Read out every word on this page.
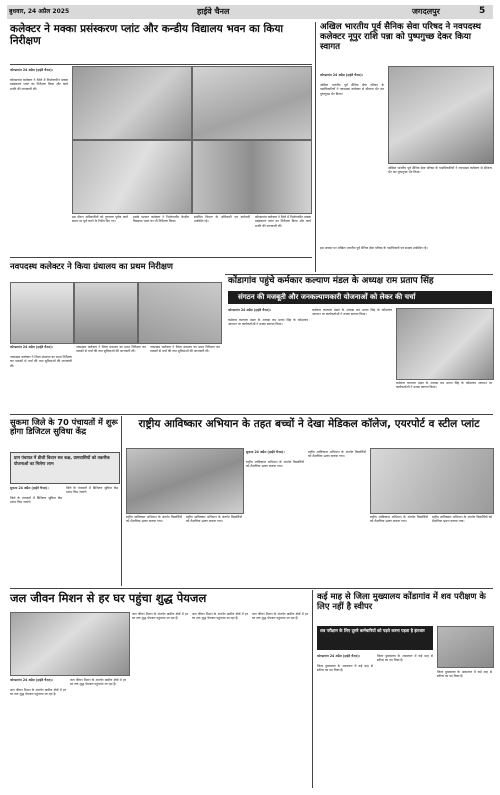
बुधवार, 24 अप्रैल 2025	हाईवे चैनल	जगदलपुर	5
कलेक्टर ने मक्का प्रसंस्करण प्लांट और कन्डीय विद्यालय भवन का किया निरीक्षण
कोण्डागांव 24 अप्रैल (हाईवे चैनल)।
कोण्डागांव कलेक्टर ने जिले में निर्माणाधीन मक्का प्रसंस्करण प्लांट का निरीक्षण किया और कार्य प्रगति की जानकारी ली।
इस दौरान अधिकारियों को गुणवत्ता पूर्वक कार्य समय पर पूर्ण करने के निर्देश दिए गए।
इसके पश्चात कलेक्टर ने निर्माणाधीन केन्द्रीय विद्यालय भवन का भी निरीक्षण किया।
संबंधित विभाग के अधिकारी एवं कर्मचारी उपस्थित रहे।
कोण्डागांव कलेक्टर ने जिले में निर्माणाधीन मक्का प्रसंस्करण प्लांट का निरीक्षण किया और कार्य प्रगति की जानकारी ली।
अखिल भारतीय पूर्व सैनिक सेवा परिषद ने नवपदस्थ कलेक्टर नूपुर राशि पन्ना को पुष्पगुच्छ देकर किया स्वागत
कोण्डागांव 24 अप्रैल (हाईवे चैनल)।
अखिल भारतीय पूर्व सैनिक सेवा परिषद के पदाधिकारियों ने नवपदस्थ कलेक्टर से सौजन्य भेंट कर पुष्पगुच्छ भेंट किया।
अखिल भारतीय पूर्व सैनिक सेवा परिषद के पदाधिकारियों ने नवपदस्थ कलेक्टर से सौजन्य भेंट कर पुष्पगुच्छ भेंट किया।
इस अवसर पर अखिल भारतीय पूर्व सैनिक सेवा परिषद के पदाधिकारी एवं सदस्य उपस्थित रहे।
नवपदस्थ कलेक्टर ने किया ग्रंथालय का प्रथम निरीक्षण
कोण्डागांव 24 अप्रैल (हाईवे चैनल)।
नवपदस्थ कलेक्टर ने जिला ग्रंथालय का प्रथम निरीक्षण कर पाठकों से चर्चा की तथा सुविधाओं की जानकारी ली।
नवपदस्थ कलेक्टर ने जिला ग्रंथालय का प्रथम निरीक्षण कर पाठकों से चर्चा की तथा सुविधाओं की जानकारी ली।
नवपदस्थ कलेक्टर ने जिला ग्रंथालय का प्रथम निरीक्षण कर पाठकों से चर्चा की तथा सुविधाओं की जानकारी ली।
कोंडागांव पहुंचे कर्मकार कल्याण मंडल के अध्यक्ष राम प्रताप सिंह
संगठन की मजबूती और जनकल्याणकारी योजनाओं को लेकर की चर्चा
कोण्डागांव 24 अप्रैल (हाईवे चैनल)।
कर्मकार कल्याण मंडल के अध्यक्ष राम प्रताप सिंह के कोंडागांव आगमन पर कार्यकर्ताओं ने उनका स्वागत किया।
कर्मकार कल्याण मंडल के अध्यक्ष राम प्रताप सिंह के कोंडागांव आगमन पर कार्यकर्ताओं ने उनका स्वागत किया।
कर्मकार कल्याण मंडल के अध्यक्ष राम प्रताप सिंह के कोंडागांव आगमन पर कार्यकर्ताओं ने उनका स्वागत किया।
सुकमा जिले के 70 पंचायतों में शुरू होगा डिजिटल सुविधा केंद्र
ग्राम पंचायत में डीजी विधान सत्र कक्ष, ग्रामवासियों को तकनीक योजनाओं का मिलेगा लाभ
सुकमा 24 अप्रैल (हाईवे चैनल)।
जिले के पंचायतों में डिजिटल सुविधा केंद्र प्रारंभ किए जाएंगे।
जिले के पंचायतों में डिजिटल सुविधा केंद्र प्रारंभ किए जाएंगे।
राष्ट्रीय आविष्कार अभियान के तहत बच्चों ने देखा मेडिकल कॉलेज, एयरपोर्ट व स्टील प्लांट
राष्ट्रीय आविष्कार अभियान के अंतर्गत विद्यार्थियों को शैक्षणिक भ्रमण कराया गया।
राष्ट्रीय आविष्कार अभियान के अंतर्गत विद्यार्थियों को शैक्षणिक भ्रमण कराया गया।
सुकमा 24 अप्रैल (हाईवे चैनल)।
राष्ट्रीय आविष्कार अभियान के अंतर्गत विद्यार्थियों को शैक्षणिक भ्रमण कराया गया।
राष्ट्रीय आविष्कार अभियान के अंतर्गत विद्यार्थियों को शैक्षणिक भ्रमण कराया गया।
राष्ट्रीय आविष्कार अभियान के अंतर्गत विद्यार्थियों को शैक्षणिक भ्रमण कराया गया।
राष्ट्रीय आविष्कार अभियान के अंतर्गत विद्यार्थियों को शैक्षणिक भ्रमण कराया गया।
जल जीवन मिशन से हर घर पहुंचा शुद्ध पेयजल
कोण्डागांव 24 अप्रैल (हाईवे चैनल)।
जल जीवन मिशन के अंतर्गत ग्रामीण क्षेत्रों में हर घर तक शुद्ध पेयजल पहुंचाया जा रहा है।
जल जीवन मिशन के अंतर्गत ग्रामीण क्षेत्रों में हर घर तक शुद्ध पेयजल पहुंचाया जा रहा है।
जल जीवन मिशन के अंतर्गत ग्रामीण क्षेत्रों में हर घर तक शुद्ध पेयजल पहुंचाया जा रहा है।
जल जीवन मिशन के अंतर्गत ग्रामीण क्षेत्रों में हर घर तक शुद्ध पेयजल पहुंचाया जा रहा है।
जल जीवन मिशन के अंतर्गत ग्रामीण क्षेत्रों में हर घर तक शुद्ध पेयजल पहुंचाया जा रहा है।
कई माह से जिला मुख्यालय कोंडागांव में शव परीक्षण के लिए नहीं है स्वीपर
शव परीक्षण के लिए दूसरे कर्मचारियों को पड़ते करना पड़ता है इंतजार
कोण्डागांव 24 अप्रैल (हाईवे चैनल)।
जिला मुख्यालय के अस्पताल में कई माह से स्वीपर का पद रिक्त है।
जिला मुख्यालय के अस्पताल में कई माह से स्वीपर का पद रिक्त है।
जिला मुख्यालय के अस्पताल में कई माह से स्वीपर का पद रिक्त है।
